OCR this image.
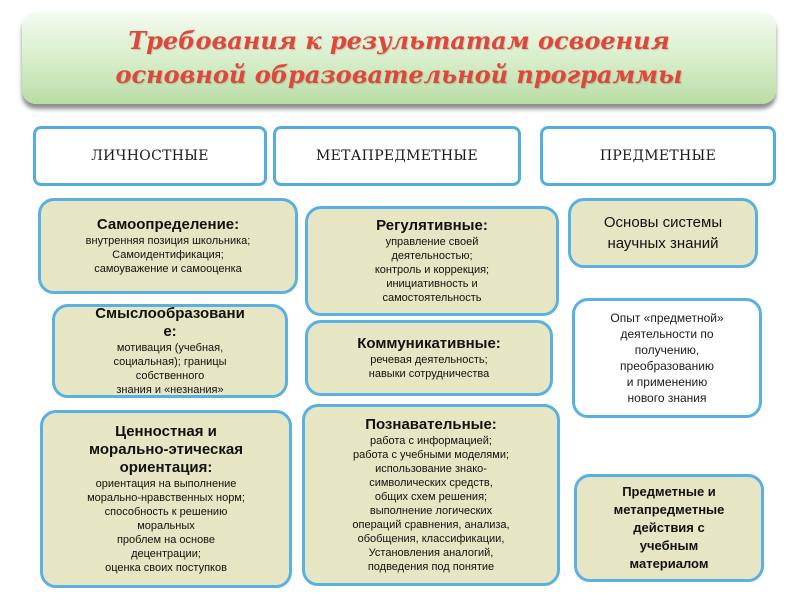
Требования к результатам освоения
основной образовательной программы
ЛИЧНОСТНЫЕ	МЕТАПРЕДМЕТНЫЕ	ПРЕДМЕТНЫЕ
Самоопределение:
внутренняя позиция школьника;
Самоидентификация;
самоуважение и самооценка
Смыслообразовани
е:
мотивация (учебная,
социальная); границы
собственного
знания и «незнания»
Ценностная и
морально-этическая
ориентация:
ориентация на выполнение
морально-нравственных норм;
способность к решению
моральных
проблем на основе
децентрации;
оценка своих поступков
Регулятивные:
управление своей
деятельностью;
контроль и коррекция;
инициативность и
самостоятельность
Коммуникативные:
речевая деятельность;
навыки сотрудничества
Познавательные:
работа с информацией;
работа с учебными моделями;
использование знако-
символических средств,
общих схем решения;
выполнение логических
операций сравнения, анализа,
обобщения, классификации,
Установления аналогий,
подведения под понятие
Основы системы
научных знаний
Опыт «предметной»
деятельности по
получению,
преобразованию
и применению
нового знания
Предметные и
метапредметные
действия с
учебным
материалом
